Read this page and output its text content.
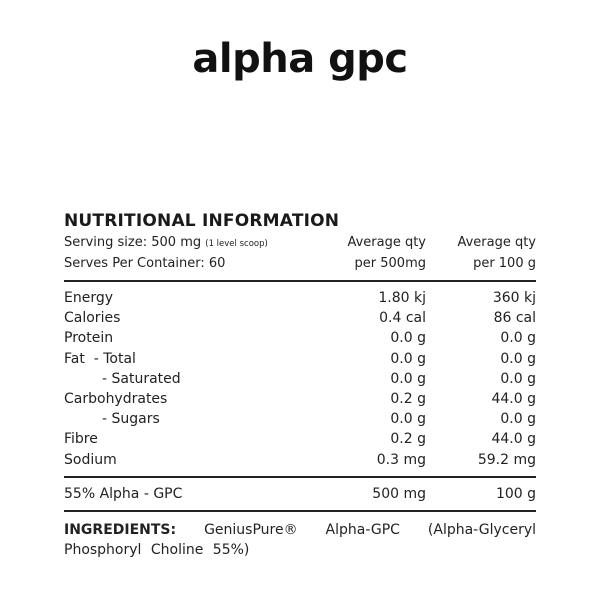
alpha gpc
NUTRITIONAL INFORMATION
Serving size: 500 mg (1 level scoop)	Average qty	Average qty
Serves Per Container: 60	per 500mg	per 100 g
Energy	1.80 kj	360 kj
Calories	0.4 cal	86 cal
Protein	0.0 g	0.0 g
Fat  - Total	0.0 g	0.0 g
- Saturated	0.0 g	0.0 g
Carbohydrates	0.2 g	44.0 g
- Sugars	0.0 g	0.0 g
Fibre	0.2 g	44.0 g
Sodium	0.3 mg	59.2 mg
55% Alpha - GPC	500 mg	100 g
INGREDIENTS: GeniusPure® Alpha-GPC (Alpha-Glyceryl Phosphoryl Choline 55%)
